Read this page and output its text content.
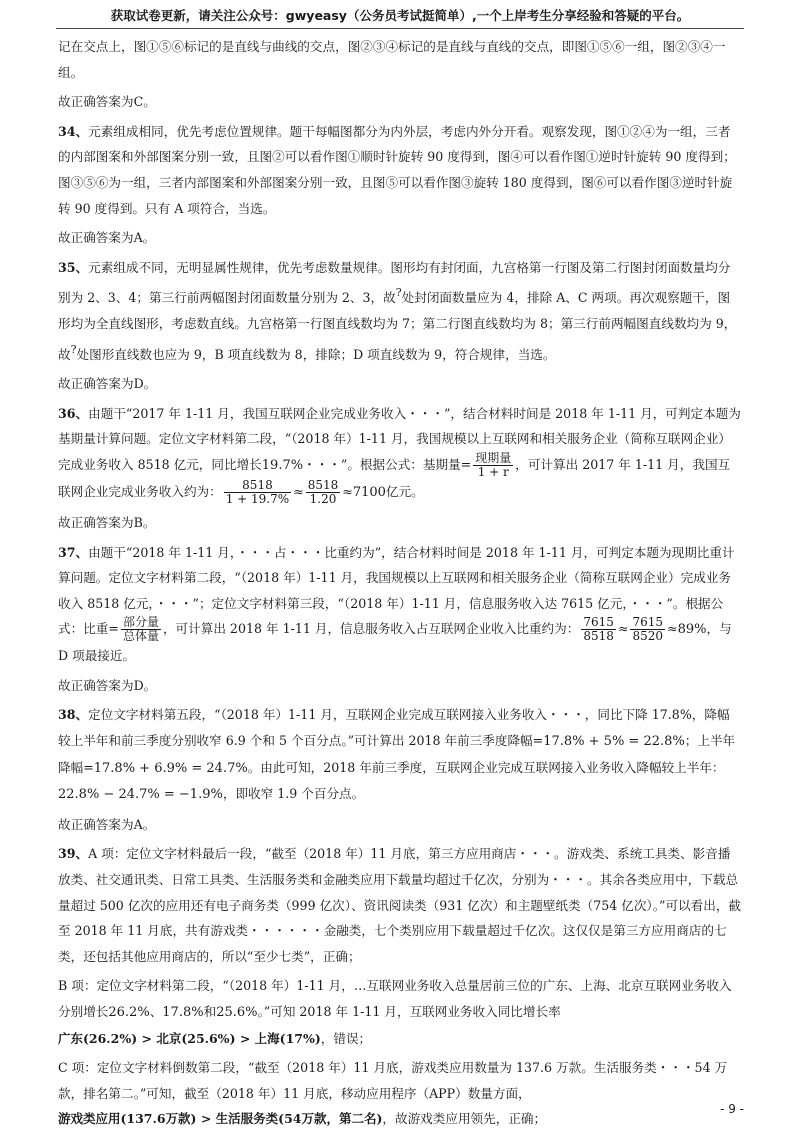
获取试卷更新，请关注公众号：gwyeasy（公务员考试挺简单）,一个上岸考生分享经验和答疑的平台。

记在交点上，图①⑤⑥标记的是直线与曲线的交点，图②③④标记的是直线与直线的交点，即图①⑤⑥一组，图②③④一组。

故正确答案为C。

34、元素组成相同，优先考虑位置规律。题干每幅图都分为内外层，考虑内外分开看。观察发现，图①②④为一组，三者的内部图案和外部图案分别一致，且图②可以看作图①顺时针旋转 90 度得到，图④可以看作图①逆时针旋转 90 度得到；图③⑤⑥为一组，三者内部图案和外部图案分别一致，且图⑤可以看作图③旋转 180 度得到，图⑥可以看作图③逆时针旋转 90 度得到。只有 A 项符合，当选。

故正确答案为A。

35、元素组成不同，无明显属性规律，优先考虑数量规律。图形均有封闭面，九宫格第一行图及第二行图封闭面数量均分别为 2、3、4；第三行前两幅图封闭面数量分别为 2、3，故?处封闭面数量应为 4，排除 A、C 两项。再次观察题干，图形均为全直线图形，考虑数直线。九宫格第一行图直线数均为 7；第二行图直线数均为 8；第三行前两幅图直线数均为 9，故?处图形直线数也应为 9，B 项直线数为 8，排除；D 项直线数为 9，符合规律，当选。

故正确答案为D。

36、由题干“2017 年 1-11 月，我国互联网企业完成业务收入・・・”，结合材料时间是 2018 年 1-11 月，可判定本题为基期量计算问题。定位文字材料第二段，“（2018 年）1-11 月，我国规模以上互联网和相关服务企业（简称互联网企业）完成业务收入 8518 亿元，同比增长19.7%・・・”。根据公式：基期量= $\frac{\text{现期量}}{1 + r}$ ，可计算出 2017 年 1-11 月，我国互联网企业完成业务收入约为： $\frac{8518}{1 + 19.7\%} \approx \frac{8518}{1.20} \approx 7100$亿元。

故正确答案为B。

37、由题干“2018 年 1-11 月，・・・占・・・比重约为”，结合材料时间是 2018 年 1-11 月，可判定本题为现期比重计算问题。定位文字材料第二段，“（2018 年）1-11 月，我国规模以上互联网和相关服务企业（简称互联网企业）完成业务收入 8518 亿元，・・・”；定位文字材料第三段，“（2018 年）1-11 月，信息服务收入达 7615 亿元，・・・”。根据公式：比重= $\frac{\text{部分量}}{\text{总体量}}$ ，可计算出 2018 年 1-11 月，信息服务收入占互联网企业收入比重约为： $\frac{7615}{8518} \approx \frac{7615}{8520} \approx 89\%$，与 D 项最接近。

故正确答案为D。

38、定位文字材料第五段，“（2018 年）1-11 月，互联网企业完成互联网接入业务收入・・・，同比下降 17.8%，降幅较上半年和前三季度分别收窄 6.9 个和 5 个百分点。”可计算出 2018 年前三季度降幅=17.8% + 5% = 22.8%；上半年降幅=17.8% + 6.9% = 24.7%。由此可知，2018 年前三季度，互联网企业完成互联网接入业务收入降幅较上半年：22.8% − 24.7% = −1.9%，即收窄 1.9 个百分点。

故正确答案为A。

39、A 项：定位文字材料最后一段，“截至（2018 年）11 月底，第三方应用商店・・・。游戏类、系统工具类、影音播放类、社交通讯类、日常工具类、生活服务类和金融类应用下载量均超过千亿次，分别为・・・。其余各类应用中，下载总量超过 500 亿次的应用还有电子商务类（999 亿次）、资讯阅读类（931 亿次）和主题壁纸类（754 亿次）。”可以看出，截至 2018 年 11 月底，共有游戏类・・・・・・金融类，七个类别应用下载量超过千亿次。这仅仅是第三方应用商店的七类，还包括其他应用商店的，所以“至少七类”，正确；

B 项：定位文字材料第二段，“（2018 年）1-11 月，…互联网业务收入总量居前三位的广东、上海、北京互联网业务收入分别增长26.2%、17.8%和25.6%。”可知 2018 年 1-11 月，互联网业务收入同比增长率
广东(26.2%) > 北京(25.6%) > 上海(17%)，错误；

C 项：定位文字材料倒数第二段，“截至（2018 年）11 月底，游戏类应用数量为 137.6 万款。生活服务类・・・54 万款，排名第二。”可知，截至（2018 年）11 月底，移动应用程序（APP）数量方面，
游戏类应用(137.6万款) > 生活服务类(54万款，第二名)，故游戏类应用领先，正确；

- 9 -
